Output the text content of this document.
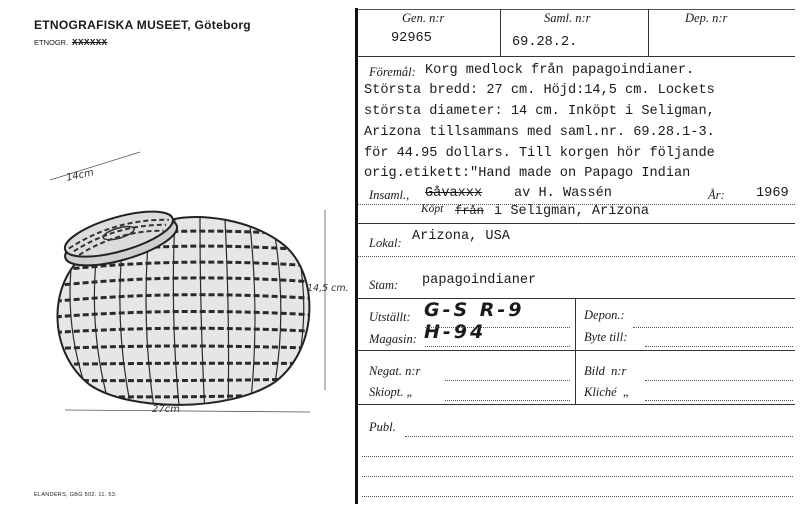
ETNOGRAFISKA MUSEET, Göteborg
ETNOGR. XXXXXX
14cm
14,5 cm.
27cm
ELANDERS, GBG 502. 11. 53.
Gen. n:r	Saml. n:r	Dep. n:r
92965	69.28.2.
Föremål: Korg medlock från papagoindianer.
Största bredd: 27 cm. Höjd:14,5 cm. Lockets
största diameter: 14 cm. Inköpt i Seligman,
Arizona tillsammans med saml.nr. 69.28.1-3.
för 44.95 dollars. Till korgen hör följande
orig.etikett:"Hand made on Papago Indian
Insaml., Gåvaxxx av H. Wassén	År: 1969
Köpt från i Seligman, Arizona
Lokal: Arizona, USA
Stam: papagoindianer
Utställt: G-S R-9
Magasin: H-94
Depon.:
Byte till:
Negat. n:r
Skiopt. „
Bild  n:r
Kliché  „
Publ.
